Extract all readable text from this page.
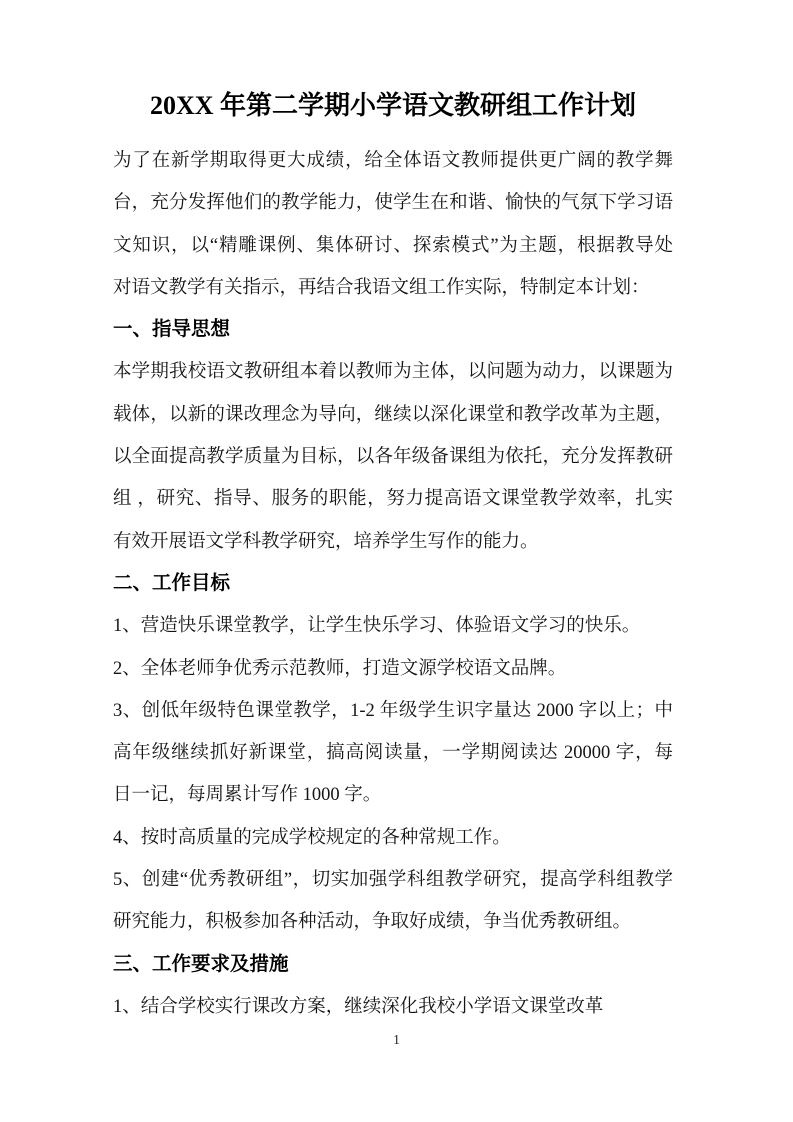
20XX 年第二学期小学语文教研组工作计划
为了在新学期取得更大成绩，给全体语文教师提供更广阔的教学舞
台，充分发挥他们的教学能力，使学生在和谐、愉快的气氛下学习语
文知识，以“精雕课例、集体研讨、探索模式”为主题，根据教导处
对语文教学有关指示，再结合我语文组工作实际，特制定本计划：
一、指导思想
本学期我校语文教研组本着以教师为主体，以问题为动力，以课题为
载体，以新的课改理念为导向，继续以深化课堂和教学改革为主题，
以全面提高教学质量为目标，以各年级备课组为依托，充分发挥教研
组 ，研究、指导、服务的职能，努力提高语文课堂教学效率，扎实
有效开展语文学科教学研究，培养学生写作的能力。
二、工作目标
1、营造快乐课堂教学，让学生快乐学习、体验语文学习的快乐。
2、全体老师争优秀示范教师，打造文源学校语文品牌。
3、创低年级特色课堂教学，1-2 年级学生识字量达 2000 字以上；中
高年级继续抓好新课堂，搞高阅读量，一学期阅读达 20000 字，每
日一记，每周累计写作 1000 字。
4、按时高质量的完成学校规定的各种常规工作。
5、创建“优秀教研组”，切实加强学科组教学研究，提高学科组教学
研究能力，积极参加各种活动，争取好成绩，争当优秀教研组。
三、工作要求及措施
1、结合学校实行课改方案，继续深化我校小学语文课堂改革
1
